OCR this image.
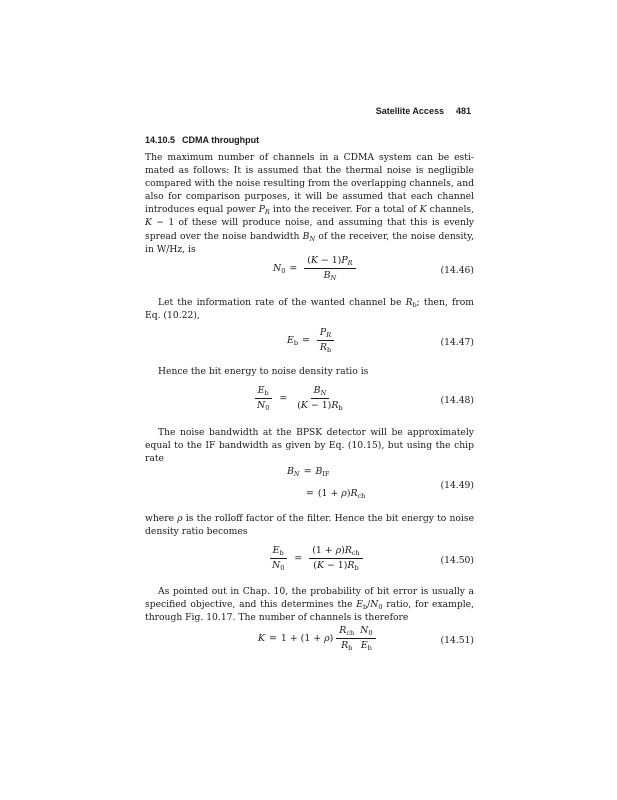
Satellite Access 481
14.10.5 CDMA throughput
The maximum number of channels in a CDMA system can be esti-
mated as follows: It is assumed that the thermal noise is negligible
compared with the noise resulting from the overlapping channels, and
also for comparison purposes, it will be assumed that each channel
introduces equal power $P_R$ into the receiver. For a total of K channels,
K − 1 of these will produce noise, and assuming that this is evenly
spread over the noise bandwidth $B_N$ of the receiver, the noise density,
in W/Hz, is
$N_0 = \frac{(K - 1)P_R}{B_N}$	(14.46)
Let the information rate of the wanted channel be $R_b$; then, from
Eq. (10.22),
$E_b = \frac{P_R}{R_b}$	(14.47)
Hence the bit energy to noise density ratio is
$\frac{E_b}{N_0} = \frac{B_N}{(K - 1)R_b}$	(14.48)
The noise bandwidth at the BPSK detector will be approximately
equal to the IF bandwidth as given by Eq. (10.15), but using the chip
rate
$B_N = B_{IF}$
= $(1 + \rho)R_{ch}$
(14.49)
where ρ is the rolloff factor of the filter. Hence the bit energy to noise
density ratio becomes
$\frac{E_b}{N_0} = \frac{(1 + \rho)R_{ch}}{(K - 1)R_b}$	(14.50)
As pointed out in Chap. 10, the probability of bit error is usually a
specified objective, and this determines the $E_b/N_0$ ratio, for example,
through Fig. 10.17. The number of channels is therefore
$K = 1 + (1 + \rho) \frac{R_{ch}}{R_b} \frac{N_0}{E_b}$	(14.51)
